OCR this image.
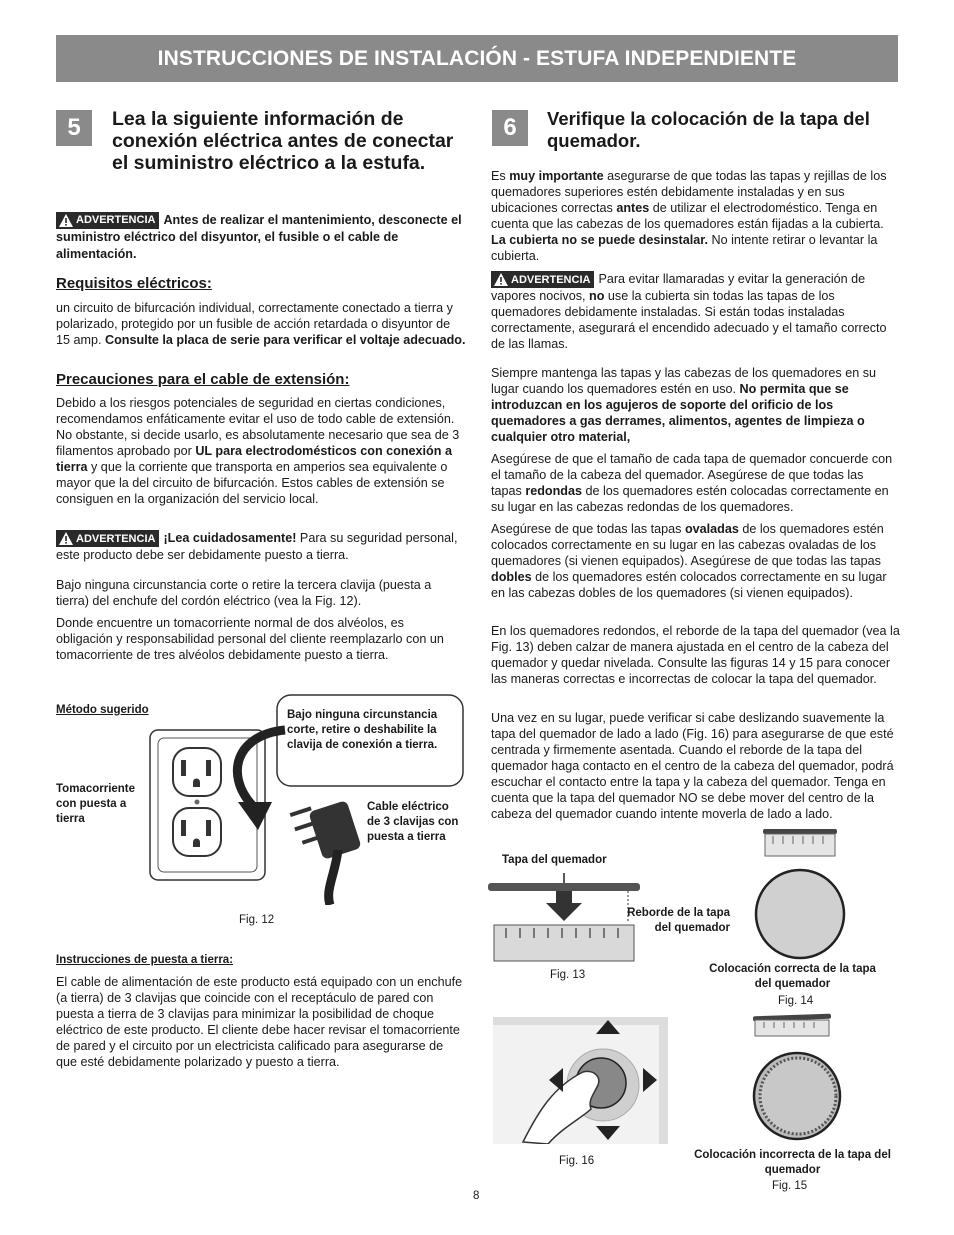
INSTRUCCIONES DE INSTALACIÓN - ESTUFA INDEPENDIENTE
5	Lea la siguiente información de conexión eléctrica antes de conectar el suministro eléctrico a la estufa.
ADVERTENCIA Antes de realizar el mantenimiento, desconecte el suministro eléctrico del disyuntor, el fusible o el cable de alimentación.
Requisitos eléctricos:
un circuito de bifurcación individual, correctamente conectado a tierra y polarizado, protegido por un fusible de acción retardada o disyuntor de 15 amp. Consulte la placa de serie para verificar el voltaje adecuado.
Precauciones para el cable de extensión:
Debido a los riesgos potenciales de seguridad en ciertas condiciones, recomendamos enfáticamente evitar el uso de todo cable de extensión. No obstante, si decide usarlo, es absolutamente necesario que sea de 3 filamentos aprobado por UL para electrodomésticos con conexión a tierra y que la corriente que transporta en amperios sea equivalente o mayor que la del circuito de bifurcación. Estos cables de extensión se consiguen en la organización del servicio local.
ADVERTENCIA ¡Lea cuidadosamente! Para su seguridad personal, este producto debe ser debidamente puesto a tierra.
Bajo ninguna circunstancia corte o retire la tercera clavija (puesta a tierra) del enchufe del cordón eléctrico (vea la Fig. 12).
Donde encuentre un tomacorriente normal de dos alvéolos, es obligación y responsabilidad personal del cliente reemplazarlo con un tomacorriente de tres alvéolos debidamente puesto a tierra.
Método sugerido	Bajo ninguna circunstancia corte, retire o deshabilite la clavija de conexión a tierra.
Tomacorriente con puesta a tierra
Cable eléctrico de 3 clavijas con puesta a tierra
Fig. 12
Instrucciones de puesta a tierra:
El cable de alimentación de este producto está equipado con un enchufe (a tierra) de 3 clavijas que coincide con el receptáculo de pared con puesta a tierra de 3 clavijas para minimizar la posibilidad de choque eléctrico de este producto. El cliente debe hacer revisar el tomacorriente de pared y el circuito por un electricista calificado para asegurarse de que esté debidamente polarizado y puesto a tierra.
6	Verifique la colocación de la tapa del quemador.
Es muy importante asegurarse de que todas las tapas y rejillas de los quemadores superiores estén debidamente instaladas y en sus ubicaciones correctas antes de utilizar el electrodoméstico. Tenga en cuenta que las cabezas de los quemadores están fijadas a la cubierta. La cubierta no se puede desinstalar. No intente retirar o levantar la cubierta.
ADVERTENCIA Para evitar llamaradas y evitar la generación de vapores nocivos, no use la cubierta sin todas las tapas de los quemadores debidamente instaladas. Si están todas instaladas correctamente, asegurará el encendido adecuado y el tamaño correcto de las llamas.
Siempre mantenga las tapas y las cabezas de los quemadores en su lugar cuando los quemadores estén en uso. No permita que se introduzcan en los agujeros de soporte del orificio de los quemadores a gas derrames, alimentos, agentes de limpieza o cualquier otro material,
Asegúrese de que el tamaño de cada tapa de quemador concuerde con el tamaño de la cabeza del quemador. Asegúrese de que todas las tapas redondas de los quemadores estén colocadas correctamente en su lugar en las cabezas redondas de los quemadores.
Asegúrese de que todas las tapas ovaladas de los quemadores estén colocados correctamente en su lugar en las cabezas ovaladas de los quemadores (si vienen equipados). Asegúrese de que todas las tapas dobles de los quemadores estén colocados correctamente en su lugar en las cabezas dobles de los quemadores (si vienen equipados).
En los quemadores redondos, el reborde de la tapa del quemador (vea la Fig. 13) deben calzar de manera ajustada en el centro de la cabeza del quemador y quedar nivelada. Consulte las figuras 14 y 15 para conocer las maneras correctas e incorrectas de colocar la tapa del quemador.
Una vez en su lugar, puede verificar si cabe deslizando suavemente la tapa del quemador de lado a lado (Fig. 16) para asegurarse de que esté centrada y firmemente asentada. Cuando el reborde de la tapa del quemador haga contacto en el centro de la cabeza del quemador, podrá escuchar el contacto entre la tapa y la cabeza del quemador. Tenga en cuenta que la tapa del quemador NO se debe mover del centro de la cabeza del quemador cuando intente moverla de lado a lado.
Tapa del quemador
Reborde de la tapa del quemador
Fig. 13	Colocación correcta de la tapa del quemador
Fig. 14
Fig. 16	Colocación incorrecta de la tapa del quemador
Fig. 15
8
